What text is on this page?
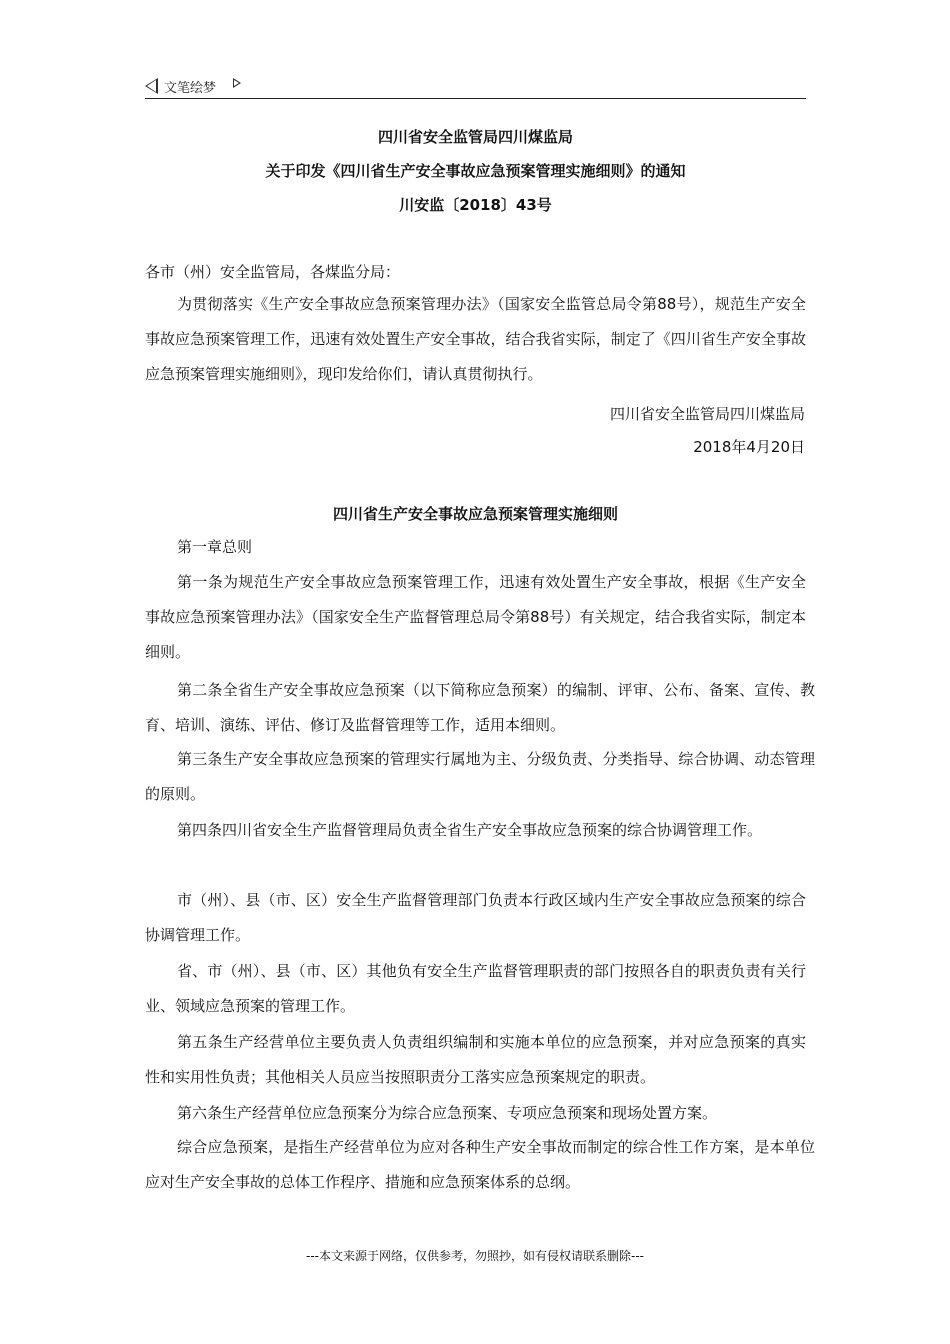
文笔绘梦
四川省安全监管局四川煤监局
关于印发《四川省生产安全事故应急预案管理实施细则》的通知
川安监〔2018〕43号

各市（州）安全监管局，各煤监分局：

为贯彻落实《生产安全事故应急预案管理办法》（国家安全监管总局令第88号），规范生产安全事故应急预案管理工作，迅速有效处置生产安全事故，结合我省实际，制定了《四川省生产安全事故应急预案管理实施细则》，现印发给你们，请认真贯彻执行。

四川省安全监管局四川煤监局
2018年4月20日
四川省生产安全事故应急预案管理实施细则

第一章总则

第一条为规范生产安全事故应急预案管理工作，迅速有效处置生产安全事故，根据《生产安全事故应急预案管理办法》（国家安全生产监督管理总局令第88号）有关规定，结合我省实际，制定本细则。

第二条全省生产安全事故应急预案（以下简称应急预案）的编制、评审、公布、备案、宣传、教育、培训、演练、评估、修订及监督管理等工作，适用本细则。

第三条生产安全事故应急预案的管理实行属地为主、分级负责、分类指导、综合协调、动态管理的原则。

第四条四川省安全生产监督管理局负责全省生产安全事故应急预案的综合协调管理工作。

市（州）、县（市、区）安全生产监督管理部门负责本行政区域内生产安全事故应急预案的综合协调管理工作。

省、市（州）、县（市、区）其他负有安全生产监督管理职责的部门按照各自的职责负责有关行业、领域应急预案的管理工作。

第五条生产经营单位主要负责人负责组织编制和实施本单位的应急预案，并对应急预案的真实性和实用性负责；其他相关人员应当按照职责分工落实应急预案规定的职责。

第六条生产经营单位应急预案分为综合应急预案、专项应急预案和现场处置方案。

综合应急预案，是指生产经营单位为应对各种生产安全事故而制定的综合性工作方案，是本单位应对生产安全事故的总体工作程序、措施和应急预案体系的总纲。

---本文来源于网络，仅供参考，勿照抄，如有侵权请联系删除---
